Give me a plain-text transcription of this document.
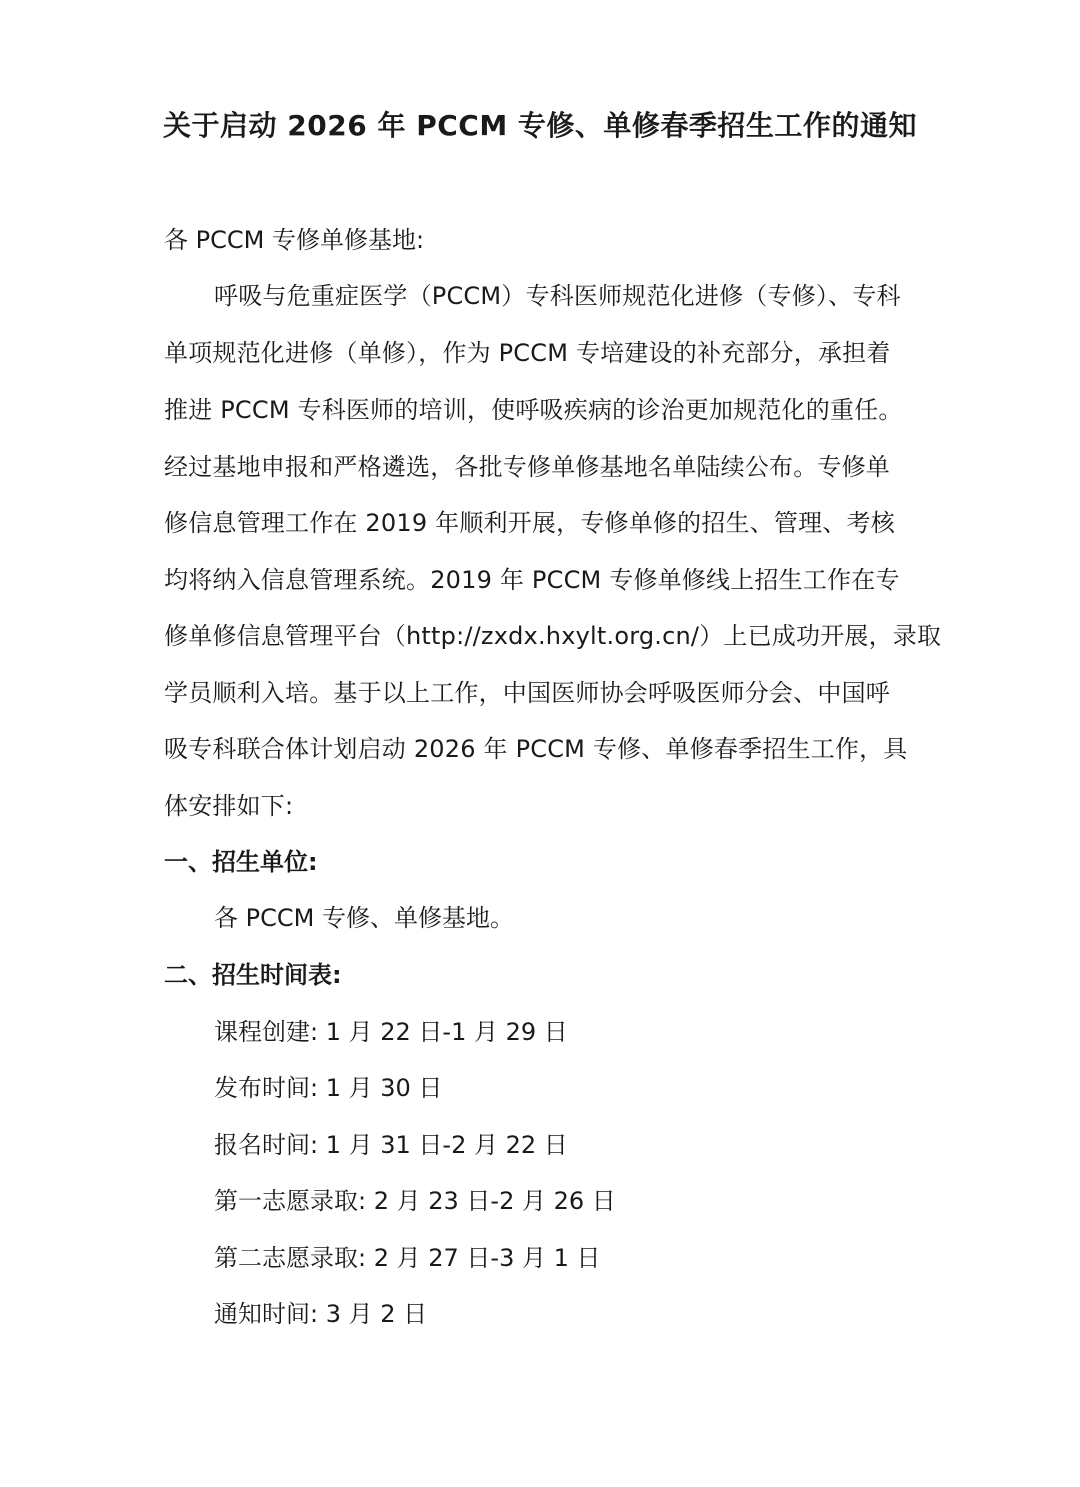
关于启动 2026 年 PCCM 专修、单修春季招生工作的通知
各 PCCM 专修单修基地:
呼吸与危重症医学（PCCM）专科医师规范化进修（专修）、专科
单项规范化进修（单修），作为 PCCM 专培建设的补充部分，承担着
推进 PCCM 专科医师的培训，使呼吸疾病的诊治更加规范化的重任。
经过基地申报和严格遴选，各批专修单修基地名单陆续公布。专修单
修信息管理工作在 2019 年顺利开展，专修单修的招生、管理、考核
均将纳入信息管理系统。2019 年 PCCM 专修单修线上招生工作在专
修单修信息管理平台（http://zxdx.hxylt.org.cn/）上已成功开展，录取
学员顺利入培。基于以上工作，中国医师协会呼吸医师分会、中国呼
吸专科联合体计划启动 2026 年 PCCM 专修、单修春季招生工作，具
体安排如下:
一、招生单位:
各 PCCM 专修、单修基地。
二、招生时间表:
课程创建: 1 月 22 日-1 月 29 日
发布时间: 1 月 30 日
报名时间: 1 月 31 日-2 月 22 日
第一志愿录取: 2 月 23 日-2 月 26 日
第二志愿录取: 2 月 27 日-3 月 1 日
通知时间: 3 月 2 日
